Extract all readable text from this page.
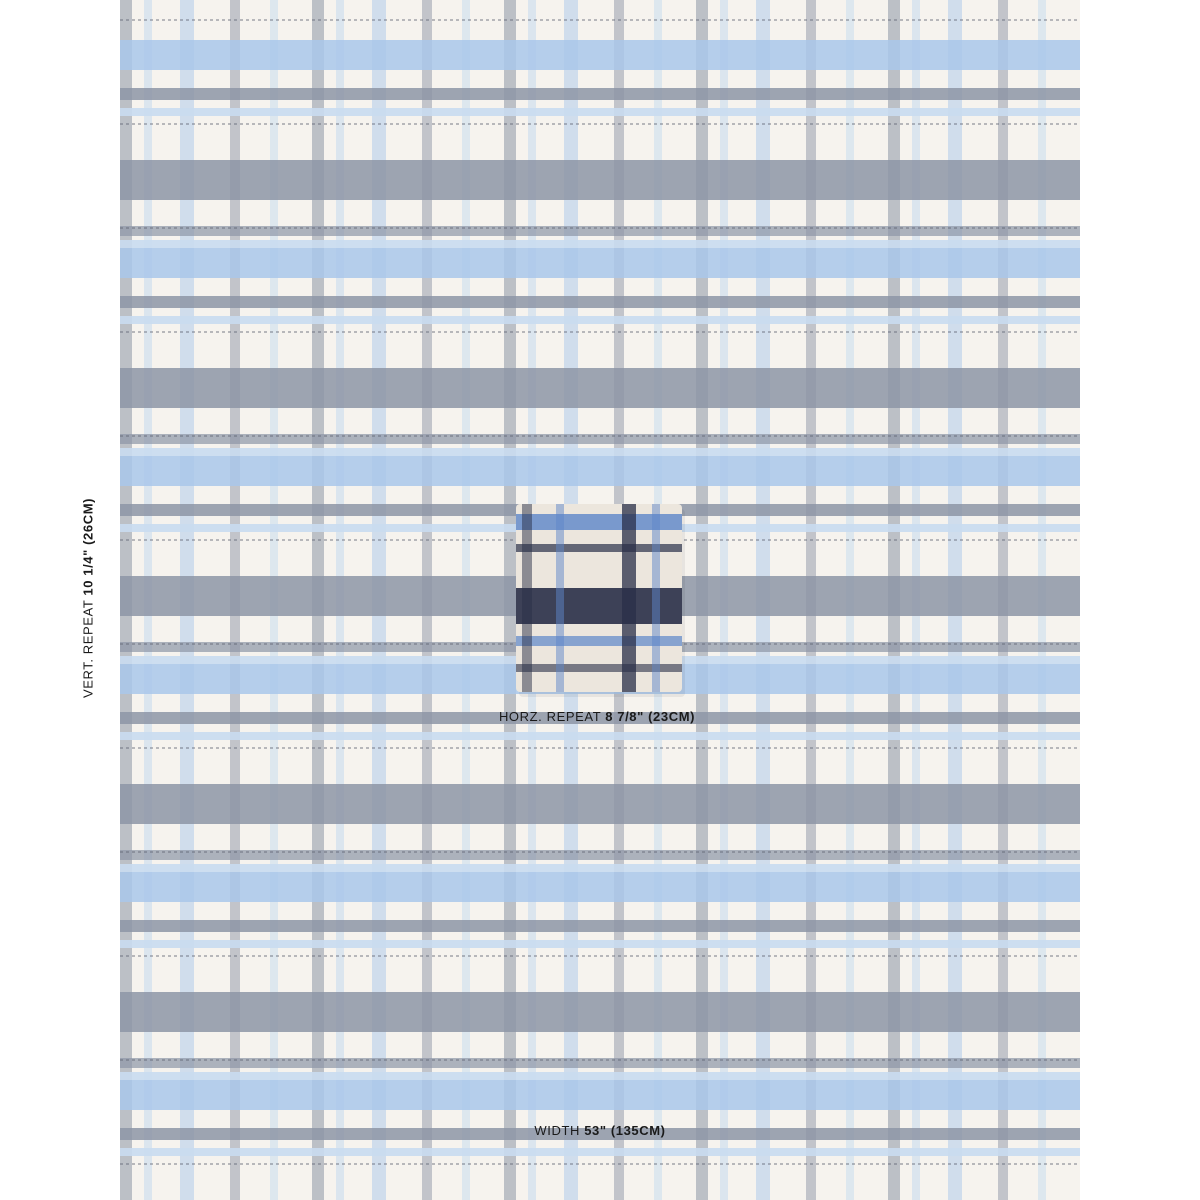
VERT. REPEAT 10 1/4" (26CM)
HORZ. REPEAT 8 7/8" (23CM)
WIDTH 53" (135CM)
